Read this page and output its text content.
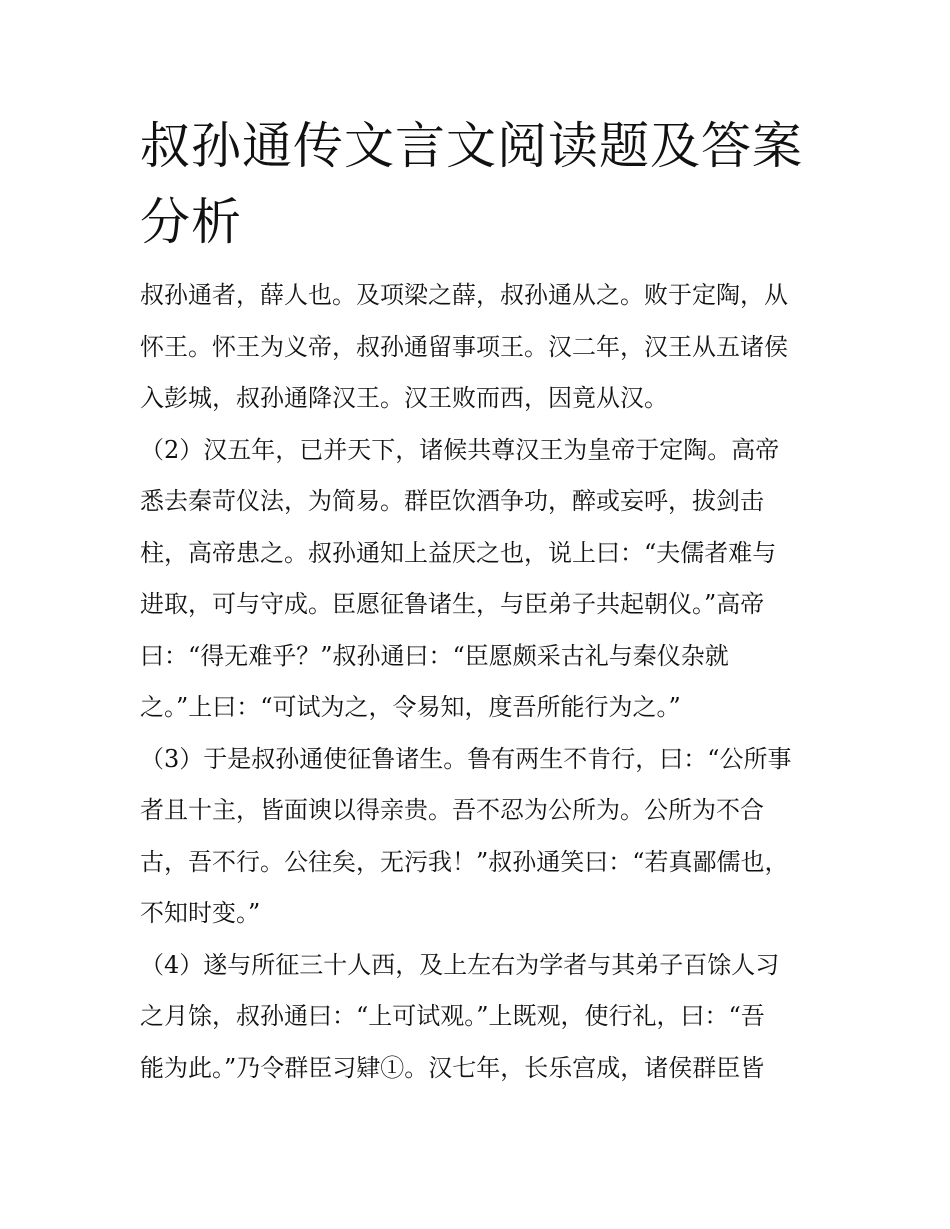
叔孙通传文言文阅读题及答案
分析
叔孙通者，薛人也。及项梁之薛，叔孙通从之。败于定陶，从
怀王。怀王为义帝，叔孙通留事项王。汉二年，汉王从五诸侯
入彭城，叔孙通降汉王。汉王败而西，因竟从汉。
（2）汉五年，已并天下，诸候共尊汉王为皇帝于定陶。高帝
悉去秦苛仪法，为简易。群臣饮酒争功，醉或妄呼，拔剑击
柱，高帝患之。叔孙通知上益厌之也，说上曰：“夫儒者难与
进取，可与守成。臣愿征鲁诸生，与臣弟子共起朝仪。”高帝
曰：“得无难乎？”叔孙通曰：“臣愿颇采古礼与秦仪杂就
之。”上曰：“可试为之，令易知，度吾所能行为之。”
（3）于是叔孙通使征鲁诸生。鲁有两生不肯行，曰：“公所事
者且十主，皆面谀以得亲贵。吾不忍为公所为。公所为不合
古，吾不行。公往矣，无污我！”叔孙通笑曰：“若真鄙儒也，
不知时变。”
（4）遂与所征三十人西，及上左右为学者与其弟子百馀人习
之月馀，叔孙通曰：“上可试观。”上既观，使行礼，曰：“吾
能为此。”乃令群臣习肄①。汉七年，长乐宫成，诸侯群臣皆
